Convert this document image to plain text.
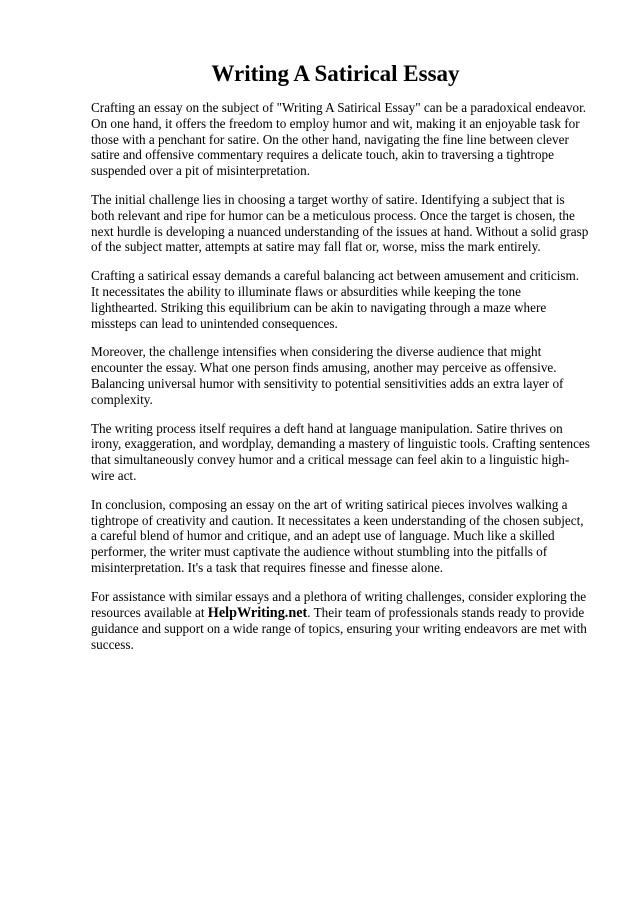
Writing A Satirical Essay

Crafting an essay on the subject of "Writing A Satirical Essay" can be a paradoxical endeavor. On one hand, it offers the freedom to employ humor and wit, making it an enjoyable task for those with a penchant for satire. On the other hand, navigating the fine line between clever satire and offensive commentary requires a delicate touch, akin to traversing a tightrope suspended over a pit of misinterpretation.

The initial challenge lies in choosing a target worthy of satire. Identifying a subject that is both relevant and ripe for humor can be a meticulous process. Once the target is chosen, the next hurdle is developing a nuanced understanding of the issues at hand. Without a solid grasp of the subject matter, attempts at satire may fall flat or, worse, miss the mark entirely.

Crafting a satirical essay demands a careful balancing act between amusement and criticism. It necessitates the ability to illuminate flaws or absurdities while keeping the tone lighthearted. Striking this equilibrium can be akin to navigating through a maze where missteps can lead to unintended consequences.

Moreover, the challenge intensifies when considering the diverse audience that might encounter the essay. What one person finds amusing, another may perceive as offensive. Balancing universal humor with sensitivity to potential sensitivities adds an extra layer of complexity.

The writing process itself requires a deft hand at language manipulation. Satire thrives on irony, exaggeration, and wordplay, demanding a mastery of linguistic tools. Crafting sentences that simultaneously convey humor and a critical message can feel akin to a linguistic high-wire act.

In conclusion, composing an essay on the art of writing satirical pieces involves walking a tightrope of creativity and caution. It necessitates a keen understanding of the chosen subject, a careful blend of humor and critique, and an adept use of language. Much like a skilled performer, the writer must captivate the audience without stumbling into the pitfalls of misinterpretation. It's a task that requires finesse and finesse alone.

For assistance with similar essays and a plethora of writing challenges, consider exploring the resources available at HelpWriting.net. Their team of professionals stands ready to provide guidance and support on a wide range of topics, ensuring your writing endeavors are met with success.
